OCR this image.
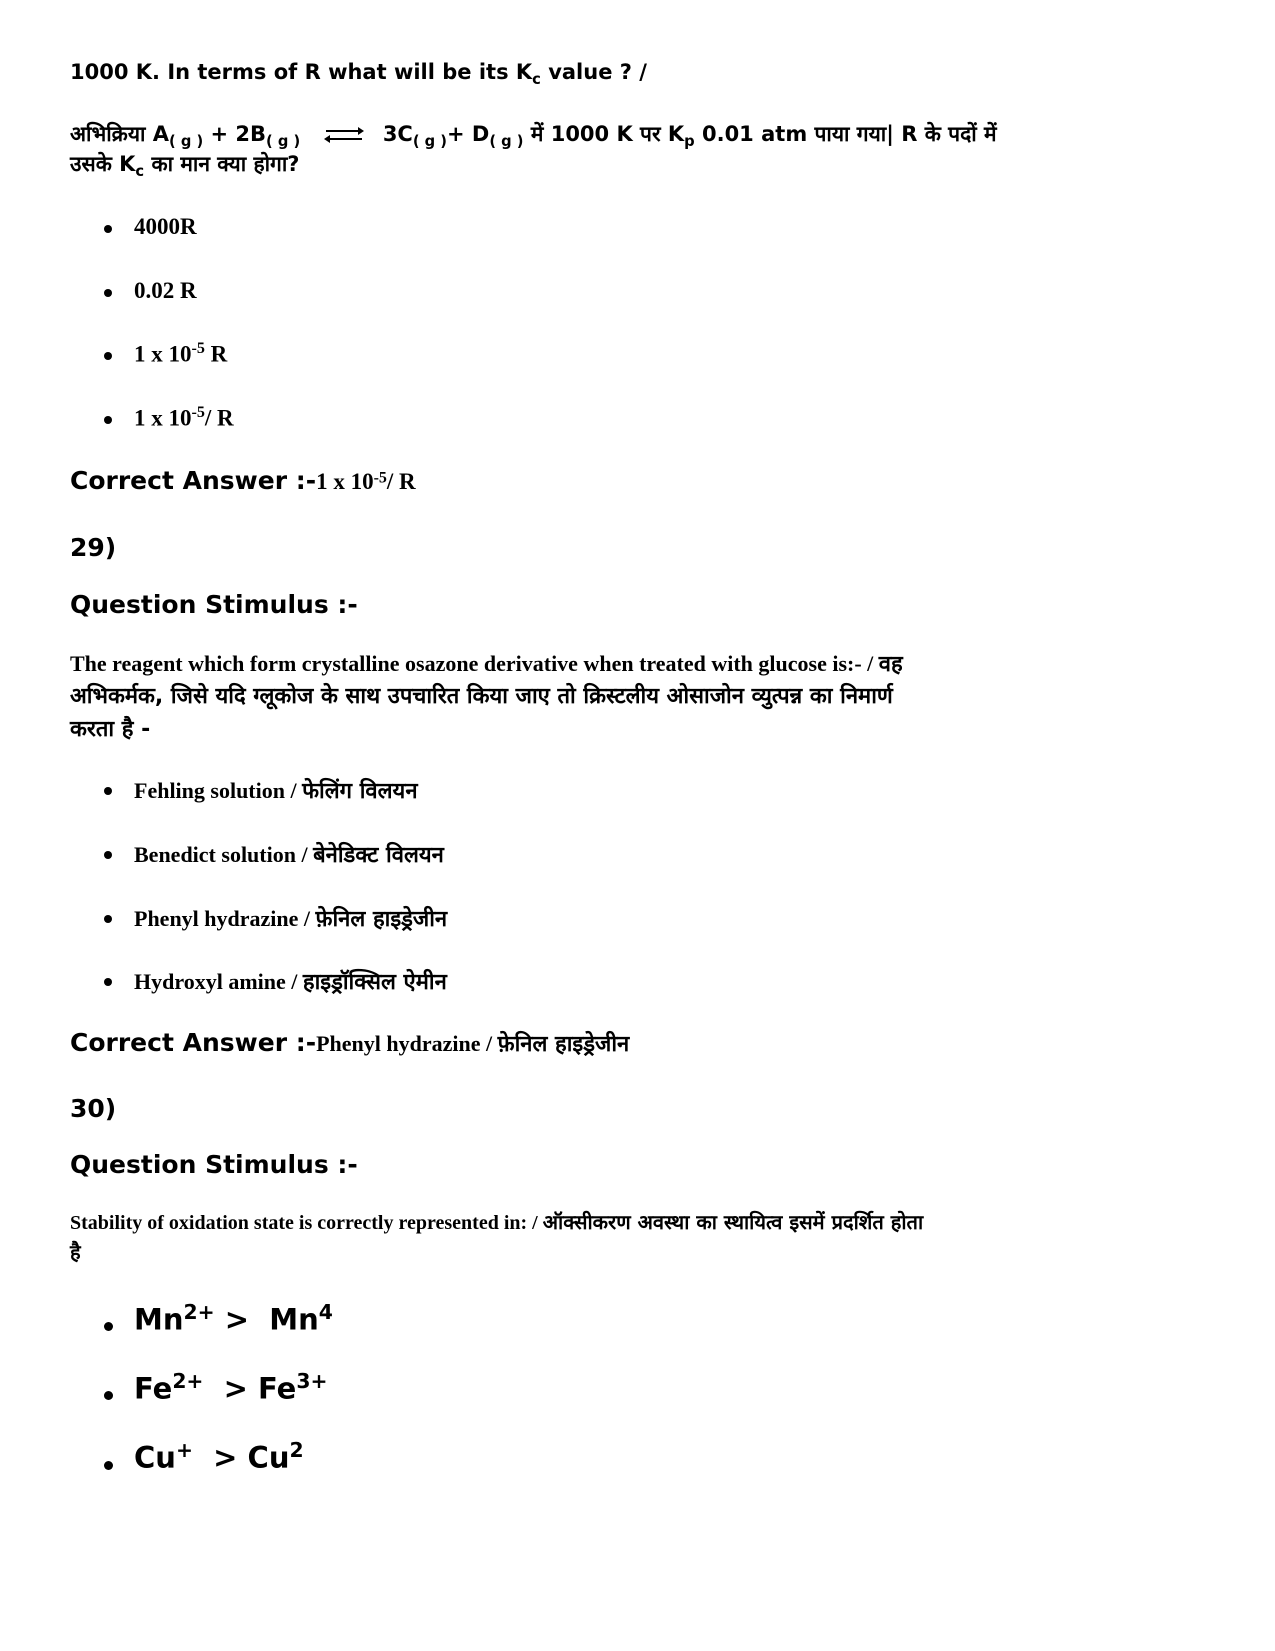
1000 K. In terms of R what will be its $K_c$ value ? /
अभिक्रिया $A_{( g )} + 2B_{( g )}$ ⇌ $3C_{( g )}+ D_{( g )}$ में 1000 K पर $K_p$ 0.01 atm पाया गया| R के पदों में
उसके $K_c$ का मान क्या होगा?
4000R
0.02 R
1 x $10^{-5}$ R
1 x $10^{-5}/$ R
Correct Answer :-1 x $10^{-5}/$ R
29)
Question Stimulus :-
The reagent which form crystalline osazone derivative when treated with glucose is:- / वह
अभिकर्मक, जिसे यदि ग्लूकोज के साथ उपचारित किया जाए तो क्रिस्टलीय ओसाजोन व्युत्पन्न का निमार्ण
करता है -
Fehling solution / फेलिंग विलयन
Benedict solution / बेनेडिक्ट विलयन
Phenyl hydrazine / फ़ेनिल हाइड्रेजीन
Hydroxyl amine / हाइड्रॉक्सिल ऐमीन
Correct Answer :-Phenyl hydrazine / फ़ेनिल हाइड्रेजीन
30)
Question Stimulus :-
Stability of oxidation state is correctly represented in: / ऑक्सीकरण अवस्था का स्थायित्व इसमें प्रदर्शित होता
है
$Mn^{2+} > Mn^4$
$Fe^{2+} > Fe^{3+}$
$Cu^+ > Cu^2$
